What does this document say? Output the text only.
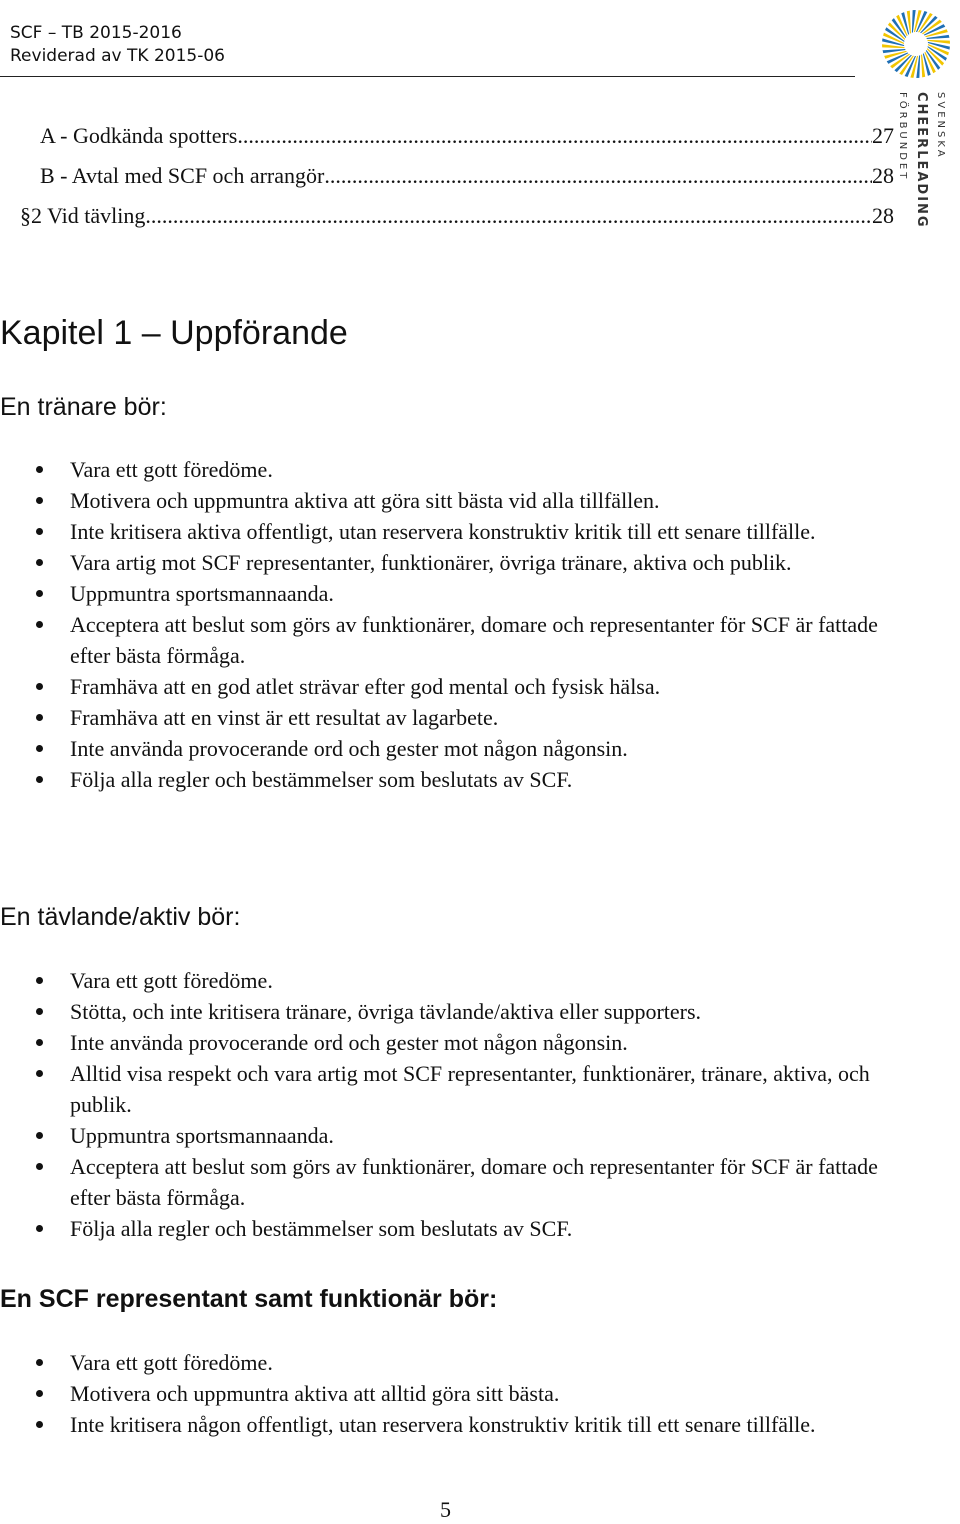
SCF – TB 2015-2016
Reviderad av TK 2015-06
SVENSKA
CHEERLEADING
FÖRBUNDET
A - Godkända spotters .....	27
B - Avtal med SCF och arrangör .....	28
§2 Vid tävling .....	28
Kapitel 1 – Uppförande
En tränare bör:
Vara ett gott föredöme.
Motivera och uppmuntra aktiva att göra sitt bästa vid alla tillfällen.
Inte kritisera aktiva offentligt, utan reservera konstruktiv kritik till ett senare tillfälle.
Vara artig mot SCF representanter, funktionärer, övriga tränare, aktiva och publik.
Uppmuntra sportsmannaanda.
Acceptera att beslut som görs av funktionärer, domare och representanter för SCF är fattade efter bästa förmåga.
Framhäva att en god atlet strävar efter god mental och fysisk hälsa.
Framhäva att en vinst är ett resultat av lagarbete.
Inte använda provocerande ord och gester mot någon någonsin.
Följa alla regler och bestämmelser som beslutats av SCF.
En tävlande/aktiv bör:
Vara ett gott föredöme.
Stötta, och inte kritisera tränare, övriga tävlande/aktiva eller supporters.
Inte använda provocerande ord och gester mot någon någonsin.
Alltid visa respekt och vara artig mot SCF representanter, funktionärer, tränare, aktiva, och publik.
Uppmuntra sportsmannaanda.
Acceptera att beslut som görs av funktionärer, domare och representanter för SCF är fattade efter bästa förmåga.
Följa alla regler och bestämmelser som beslutats av SCF.
En SCF representant samt funktionär bör:
Vara ett gott föredöme.
Motivera och uppmuntra aktiva att alltid göra sitt bästa.
Inte kritisera någon offentligt, utan reservera konstruktiv kritik till ett senare tillfälle.
5
